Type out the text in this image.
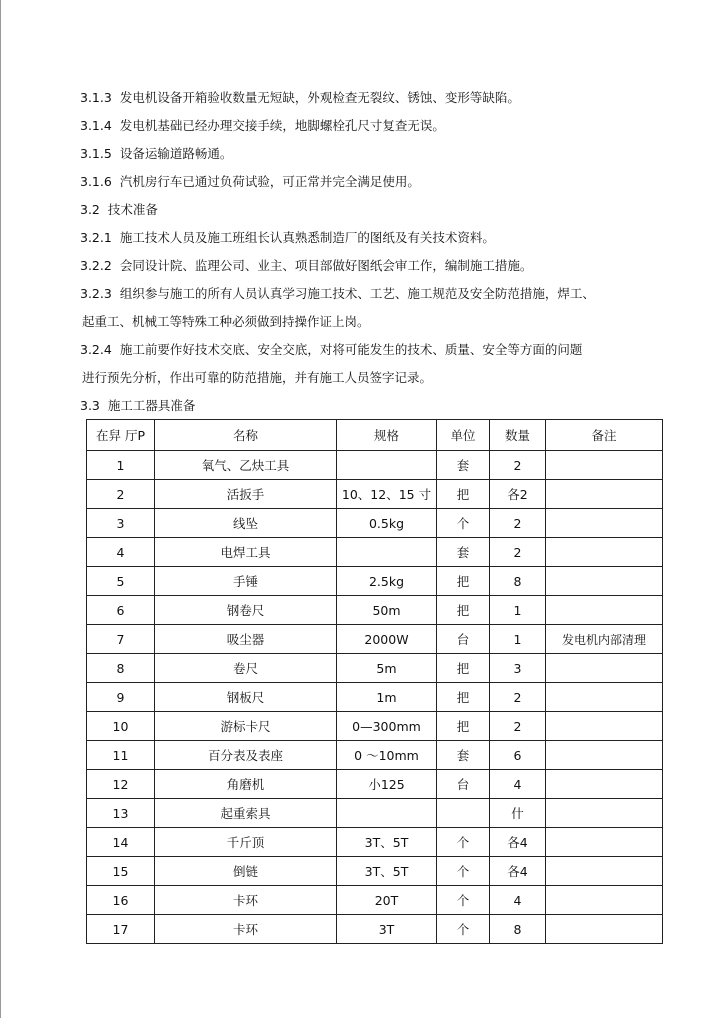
3.1.3 发电机设备开箱验收数量无短缺，外观检查无裂纹、锈蚀、变形等缺陷。
3.1.4 发电机基础已经办理交接手续，地脚螺栓孔尺寸复查无误。
3.1.5 设备运输道路畅通。
3.1.6 汽机房行车已通过负荷试验，可正常并完全满足使用。
3.2 技术准备
3.2.1 施工技术人员及施工班组长认真熟悉制造厂的图纸及有关技术资料。
3.2.2 会同设计院、监理公司、业主、项目部做好图纸会审工作，编制施工措施。
3.2.3 组织参与施工的所有人员认真学习施工技术、工艺、施工规范及安全防范措施，焊工、
起重工、机械工等特殊工种必须做到持操作证上岗。
3.2.4 施工前要作好技术交底、安全交底，对将可能发生的技术、质量、安全等方面的问题
进行预先分析，作出可靠的防范措施，并有施工人员签字记录。
3.3 施工工器具准备
在舁 厅P	名称	规格	单位	数量	备注
1	氧气、乙炔工具		套	2	
2	活扳手	10、12、15 寸	把	各2	
3	线坠	0.5kg	个	2	
4	电焊工具		套	2	
5	手锤	2.5kg	把	8	
6	钢卷尺	50m	把	1	
7	吸尘器	2000W	台	1	发电机内部清理
8	卷尺	5m	把	3	
9	钢板尺	1m	把	2	
10	游标卡尺	0—300mm	把	2	
11	百分表及表座	0 ～10mm	套	6	
12	角磨机	小125	台	4	
13	起重索具			什	
14	千斤顶	3T、5T	个	各4	
15	倒链	3T、5T	个	各4	
16	卡环	20T	个	4	
17	卡环	3T	个	8	
